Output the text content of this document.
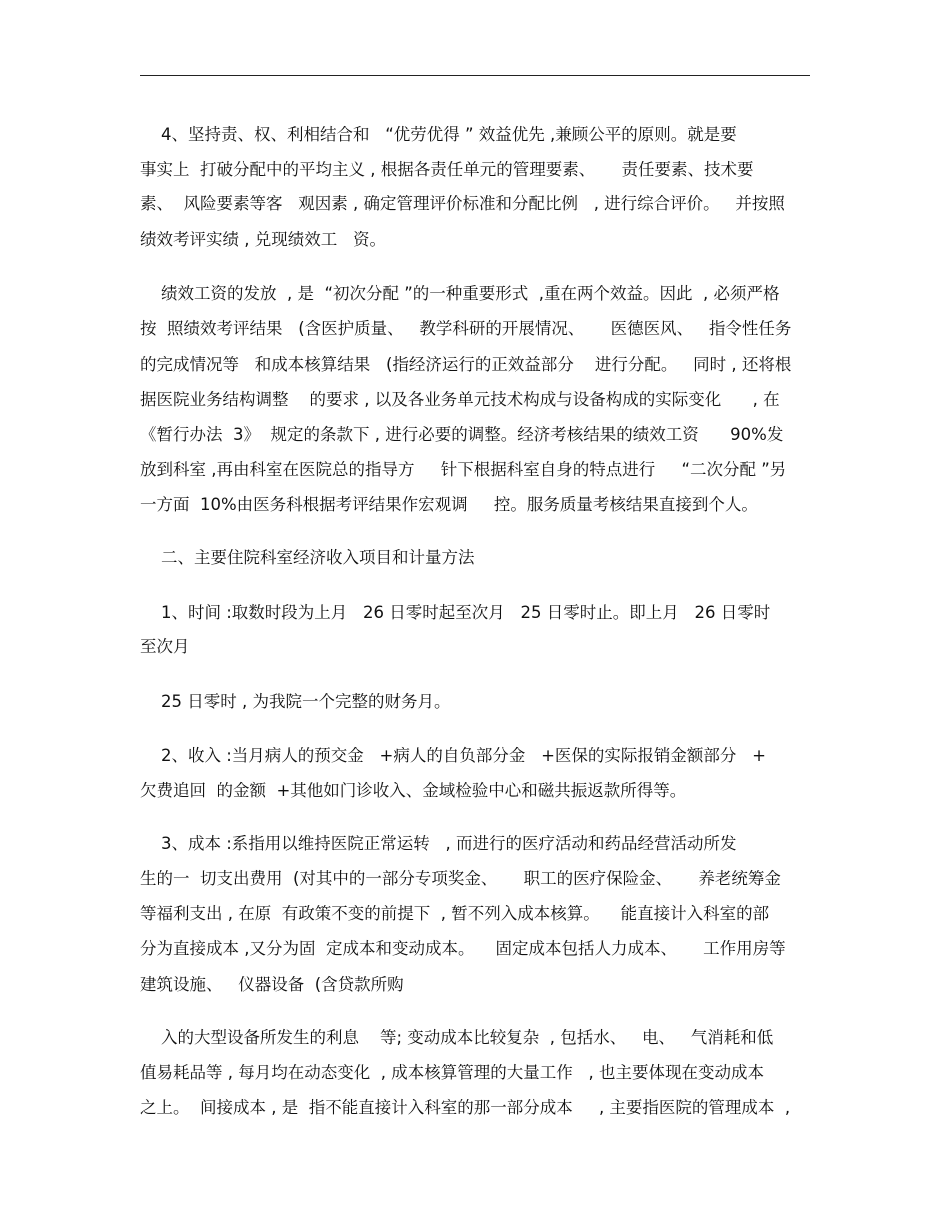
4、坚持责、权、利相结合和   “优劳优得 ” 效益优先 ,兼顾公平的原则。就是要

事实上  打破分配中的平均主义 , 根据各责任单元的管理要素、     责任要素、技术要

素、  风险要素等客   观因素 , 确定管理评价标准和分配比例   , 进行综合评价。   并按照

绩效考评实绩 , 兑现绩效工   资。

绩效工资的发放  , 是  “初次分配 ”的一种重要形式  ,重在两个效益。因此  , 必须严格

按  照绩效考评结果   (含医护质量、   教学科研的开展情况、     医德医风、   指令性任务

的完成情况等   和成本核算结果   (指经济运行的正效益部分    进行分配。   同时 , 还将根

据医院业务结构调整    的要求 , 以及各业务单元技术构成与设备构成的实际变化      , 在

《暂行办法  3》  规定的条款下 , 进行必要的调整。经济考核结果的绩效工资      90%发

放到科室 ,再由科室在医院总的指导方     针下根据科室自身的特点进行     “二次分配 ”另

一方面  10%由医务科根据考评结果作宏观调     控。服务质量考核结果直接到个人。

二、主要住院科室经济收入项目和计量方法

1、时间 :取数时段为上月   26 日零时起至次月   25 日零时止。即上月   26 日零时

至次月

25 日零时 , 为我院一个完整的财务月。

2、收入 :当月病人的预交金   +病人的自负部分金   +医保的实际报销金额部分   +

欠费追回  的金额  +其他如门诊收入、金域检验中心和磁共振返款所得等。

3、成本 :系指用以维持医院正常运转   , 而进行的医疗活动和药品经营活动所发

生的一  切支出费用  (对其中的一部分专项奖金、     职工的医疗保险金、     养老统筹金

等福利支出 , 在原  有政策不变的前提下  , 暂不列入成本核算。    能直接计入科室的部

分为直接成本 ,又分为固  定成本和变动成本。    固定成本包括人力成本、     工作用房等

建筑设施、   仪器设备  (含贷款所购

入的大型设备所发生的利息    等; 变动成本比较复杂  , 包括水、   电、   气消耗和低

值易耗品等 , 每月均在动态变化  , 成本核算管理的大量工作   , 也主要体现在变动成本

之上。  间接成本 , 是  指不能直接计入科室的那一部分成本     , 主要指医院的管理成本  ,
